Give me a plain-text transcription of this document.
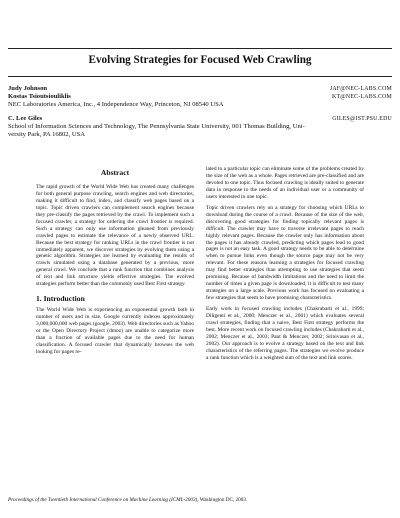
Evolving Strategies for Focused Web Crawling
Judy Johnson	JAF@NEC-LABS.COM
Kostas Tsioutsiouliklis	KT@NEC-LABS.COM
NEC Laboratories America, Inc., 4 Independence Way, Princeton, NJ 08540 USA
C. Lee Giles	GILES@IST.PSU.EDU
School of Information Sciences and Technology, The Pennsylvania State University, 001 Thomas Building, Uni-
versity Park, PA 16802, USA
Abstract
The rapid growth of the World Wide Web has created many challenges for both general purpose crawling, search engines and web directories, making it difficult to find, index, and classify web pages based on a topic. Topic driven crawlers can complement search engines because they pre-classify the pages retrieved by the crawl. To implement such a focused crawler, a strategy for ordering the crawl frontier is required. Such a strategy can only use information gleaned from previously crawled pages to estimate the relevance of a newly observed URL. Because the best strategy for ranking URLs in the crawl frontier is not immediately apparent, we discover strategies by evolving them using a genetic algorithm. Strategies are learned by evaluating the results of crawls simulated using a database generated by a previous, more general crawl. We conclude that a rank function that combines analysis of text and link structure yields effective strategies. The evolved strategies perform better than the commonly used Best First strategy.
1. Introduction
The World Wide Web is experiencing an exponential growth both in number of users and in size. Google currently indexes approximately 3,000,000,000 web pages (google, 2003). Web directories such as Yahoo or the Open Directory Project (dmoz) are unable to categorize more than a fraction of available pages due to the need for human classification. A focused crawler that dynamically browses the web looking for pages re-
lated to a particular topic can eliminate some of the problems created by the size of the web as a whole. Pages retrieved are pre-classified and are devoted to one topic. Thus focused crawling is ideally suited to generate data in response to the needs of an individual user or a community of users interested in one topic.
Topic driven crawlers rely on a strategy for choosing which URLs to download during the course of a crawl. Because of the size of the web, discovering good strategies for finding topically relevant pages is difficult. The crawler may have to traverse irrelevant pages to reach highly relevant pages. Because the crawler only has information about the pages it has already crawled, predicting which pages lead to good pages is not an easy task. A good strategy needs to be able to determine when to pursue links even though the source page may not be very relevant. For these reasons learning a strategies for focused crawling may find better strategies than attempting to use strategies that seem promising. Because of bandwidth limitations and the need to limit the number of times a given page is downloaded, it is difficult to test many strategies on a large scale. Previous work has focused on evaluating a few strategies that seem to have promising characteristics.
Early work in focused crawling includes (Chakrabarti et al., 1999; Diligenti et al., 2000; Menczer et al., 2001) which evaluates several crawl strategies, finding that a naive, Best First strategy performs the best. More recent work on focused crawling includes (Chakrabarti et al., 2002; Menczer et al., 2003; Pant & Menczer, 2002; Srinivasan et al., 2002). Our approach is to evolve a strategy based on the text and link characteristics of the referring pages. The strategies we evolve produce a rank function which is a weighted sum of the text and link scores.
Proceedings of the Twentieth International Conference on Machine Learning (ICML-2003), Washington DC, 2003.
